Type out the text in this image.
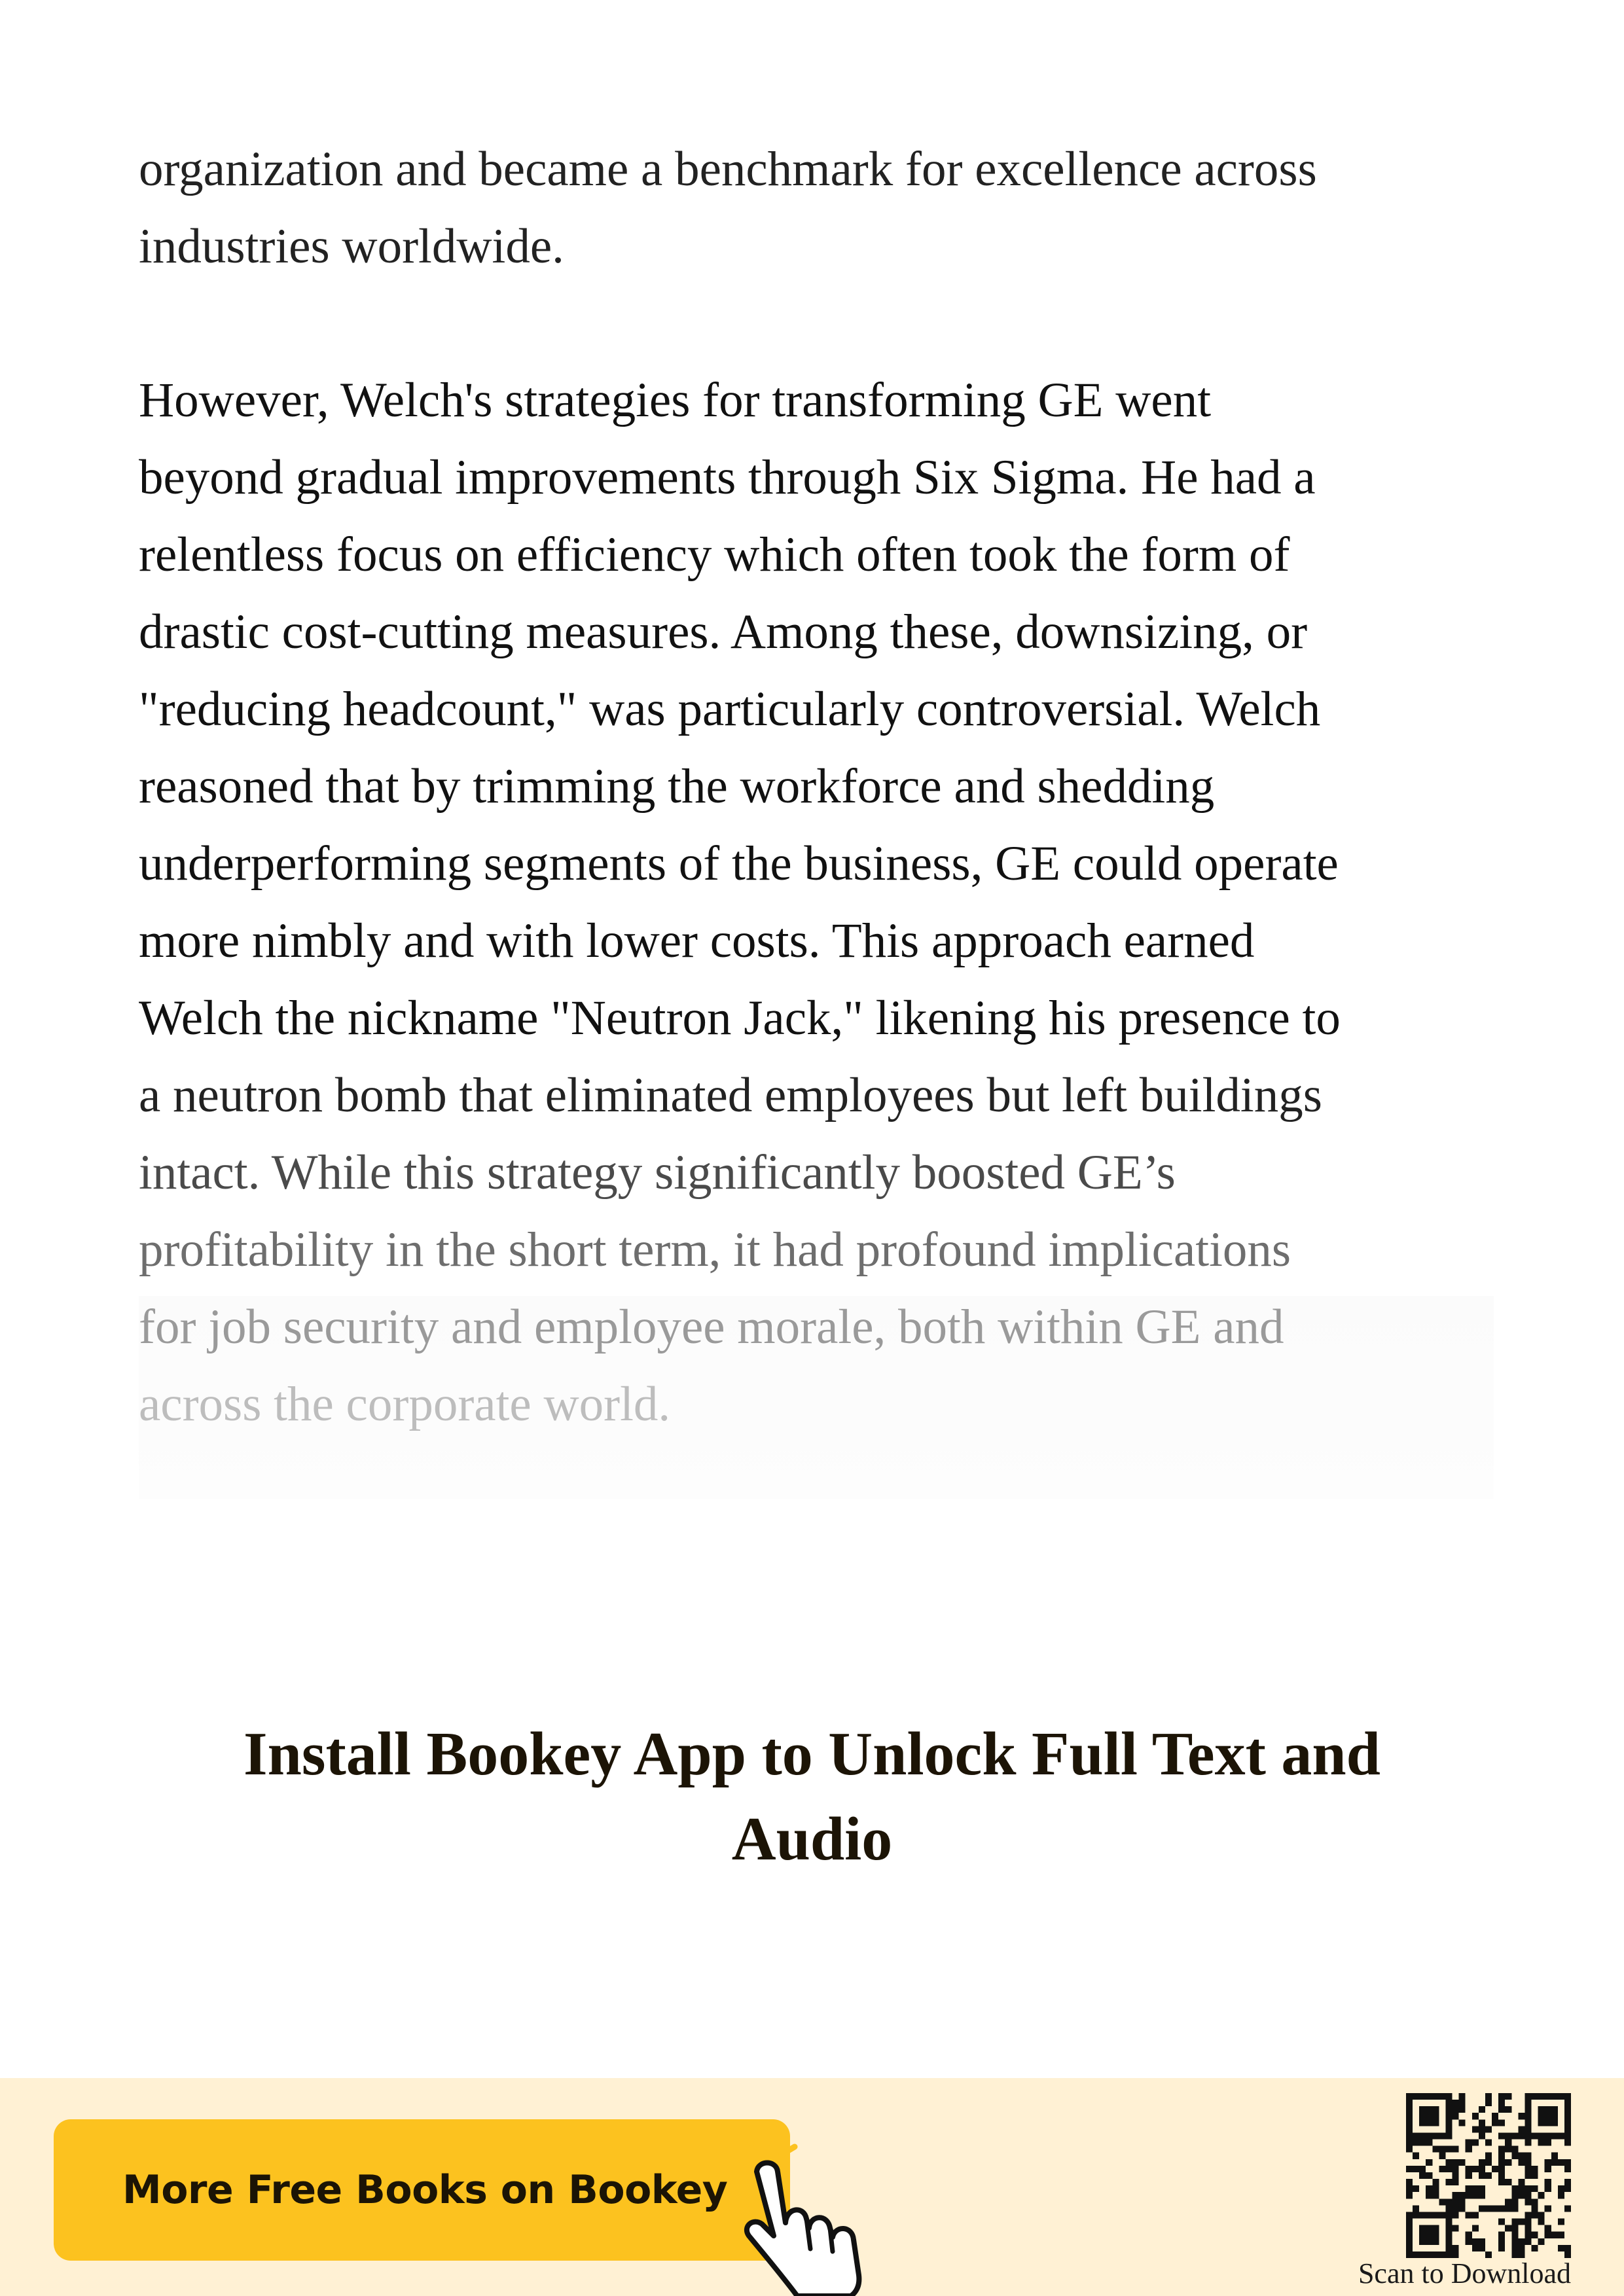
organization and became a benchmark for excellence across
industries worldwide.
However, Welch's strategies for transforming GE went
beyond gradual improvements through Six Sigma. He had a
relentless focus on efficiency which often took the form of
drastic cost-cutting measures. Among these, downsizing, or
"reducing headcount," was particularly controversial. Welch
reasoned that by trimming the workforce and shedding
underperforming segments of the business, GE could operate
more nimbly and with lower costs. This approach earned
Welch the nickname "Neutron Jack," likening his presence to
a neutron bomb that eliminated employees but left buildings
intact. While this strategy significantly boosted GE’s
profitability in the short term, it had profound implications
for job security and employee morale, both within GE and
across the corporate world.
Install Bookey App to Unlock Full Text and
Audio
More Free Books on Bookey
Scan to Download
